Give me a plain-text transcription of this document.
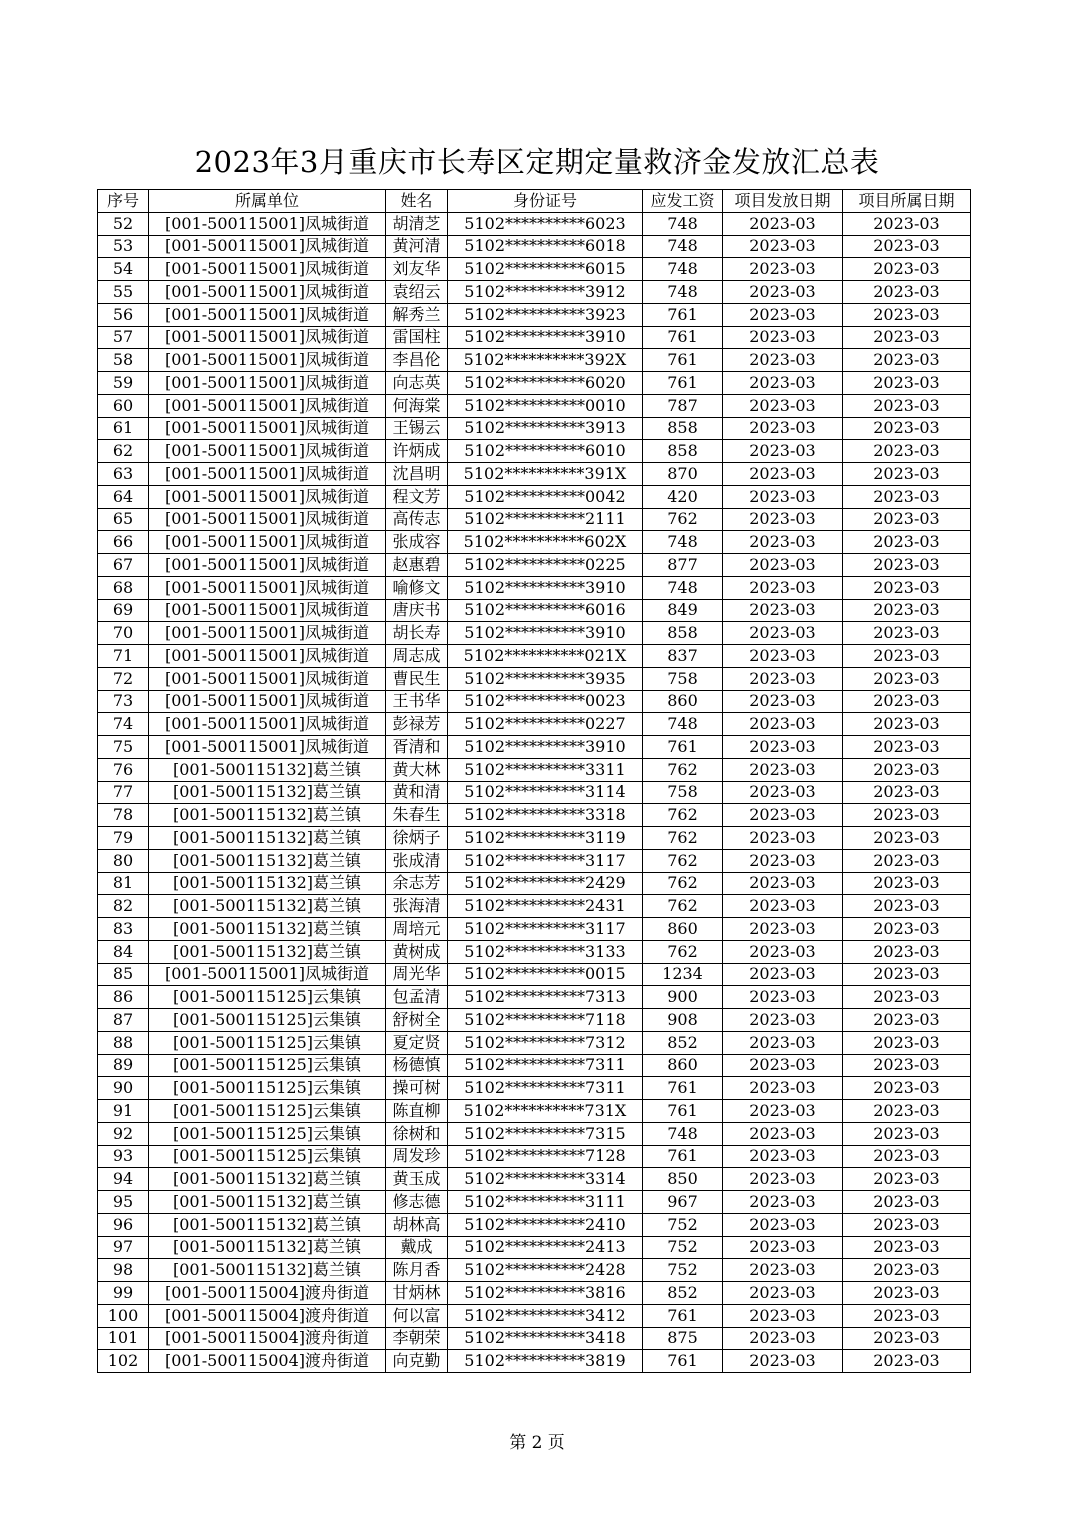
2023年3月重庆市长寿区定期定量救济金发放汇总表
序号	所属单位	姓名	身份证号	应发工资	项目发放日期	项目所属日期
52	[001-500115001]凤城街道	胡清芝	5102**********6023	748	2023-03	2023-03
53	[001-500115001]凤城街道	黄河清	5102**********6018	748	2023-03	2023-03
54	[001-500115001]凤城街道	刘友华	5102**********6015	748	2023-03	2023-03
55	[001-500115001]凤城街道	袁绍云	5102**********3912	748	2023-03	2023-03
56	[001-500115001]凤城街道	解秀兰	5102**********3923	761	2023-03	2023-03
57	[001-500115001]凤城街道	雷国柱	5102**********3910	761	2023-03	2023-03
58	[001-500115001]凤城街道	李昌伦	5102**********392X	761	2023-03	2023-03
59	[001-500115001]凤城街道	向志英	5102**********6020	761	2023-03	2023-03
60	[001-500115001]凤城街道	何海棠	5102**********0010	787	2023-03	2023-03
61	[001-500115001]凤城街道	王锡云	5102**********3913	858	2023-03	2023-03
62	[001-500115001]凤城街道	许炳成	5102**********6010	858	2023-03	2023-03
63	[001-500115001]凤城街道	沈昌明	5102**********391X	870	2023-03	2023-03
64	[001-500115001]凤城街道	程文芳	5102**********0042	420	2023-03	2023-03
65	[001-500115001]凤城街道	高传志	5102**********2111	762	2023-03	2023-03
66	[001-500115001]凤城街道	张成容	5102**********602X	748	2023-03	2023-03
67	[001-500115001]凤城街道	赵惠碧	5102**********0225	877	2023-03	2023-03
68	[001-500115001]凤城街道	喻修文	5102**********3910	748	2023-03	2023-03
69	[001-500115001]凤城街道	唐庆书	5102**********6016	849	2023-03	2023-03
70	[001-500115001]凤城街道	胡长寿	5102**********3910	858	2023-03	2023-03
71	[001-500115001]凤城街道	周志成	5102**********021X	837	2023-03	2023-03
72	[001-500115001]凤城街道	曹民生	5102**********3935	758	2023-03	2023-03
73	[001-500115001]凤城街道	王书华	5102**********0023	860	2023-03	2023-03
74	[001-500115001]凤城街道	彭禄芳	5102**********0227	748	2023-03	2023-03
75	[001-500115001]凤城街道	胥清和	5102**********3910	761	2023-03	2023-03
76	[001-500115132]葛兰镇	黄大林	5102**********3311	762	2023-03	2023-03
77	[001-500115132]葛兰镇	黄和清	5102**********3114	758	2023-03	2023-03
78	[001-500115132]葛兰镇	朱春生	5102**********3318	762	2023-03	2023-03
79	[001-500115132]葛兰镇	徐炳子	5102**********3119	762	2023-03	2023-03
80	[001-500115132]葛兰镇	张成清	5102**********3117	762	2023-03	2023-03
81	[001-500115132]葛兰镇	余志芳	5102**********2429	762	2023-03	2023-03
82	[001-500115132]葛兰镇	张海清	5102**********2431	762	2023-03	2023-03
83	[001-500115132]葛兰镇	周培元	5102**********3117	860	2023-03	2023-03
84	[001-500115132]葛兰镇	黄树成	5102**********3133	762	2023-03	2023-03
85	[001-500115001]凤城街道	周光华	5102**********0015	1234	2023-03	2023-03
86	[001-500115125]云集镇	包孟清	5102**********7313	900	2023-03	2023-03
87	[001-500115125]云集镇	舒树全	5102**********7118	908	2023-03	2023-03
88	[001-500115125]云集镇	夏定贤	5102**********7312	852	2023-03	2023-03
89	[001-500115125]云集镇	杨德慎	5102**********7311	860	2023-03	2023-03
90	[001-500115125]云集镇	操可树	5102**********7311	761	2023-03	2023-03
91	[001-500115125]云集镇	陈直柳	5102**********731X	761	2023-03	2023-03
92	[001-500115125]云集镇	徐树和	5102**********7315	748	2023-03	2023-03
93	[001-500115125]云集镇	周发珍	5102**********7128	761	2023-03	2023-03
94	[001-500115132]葛兰镇	黄玉成	5102**********3314	850	2023-03	2023-03
95	[001-500115132]葛兰镇	修志德	5102**********3111	967	2023-03	2023-03
96	[001-500115132]葛兰镇	胡林高	5102**********2410	752	2023-03	2023-03
97	[001-500115132]葛兰镇	戴成	5102**********2413	752	2023-03	2023-03
98	[001-500115132]葛兰镇	陈月香	5102**********2428	752	2023-03	2023-03
99	[001-500115004]渡舟街道	甘炳林	5102**********3816	852	2023-03	2023-03
100	[001-500115004]渡舟街道	何以富	5102**********3412	761	2023-03	2023-03
101	[001-500115004]渡舟街道	李朝荣	5102**********3418	875	2023-03	2023-03
102	[001-500115004]渡舟街道	向克勤	5102**********3819	761	2023-03	2023-03
第 2 页
